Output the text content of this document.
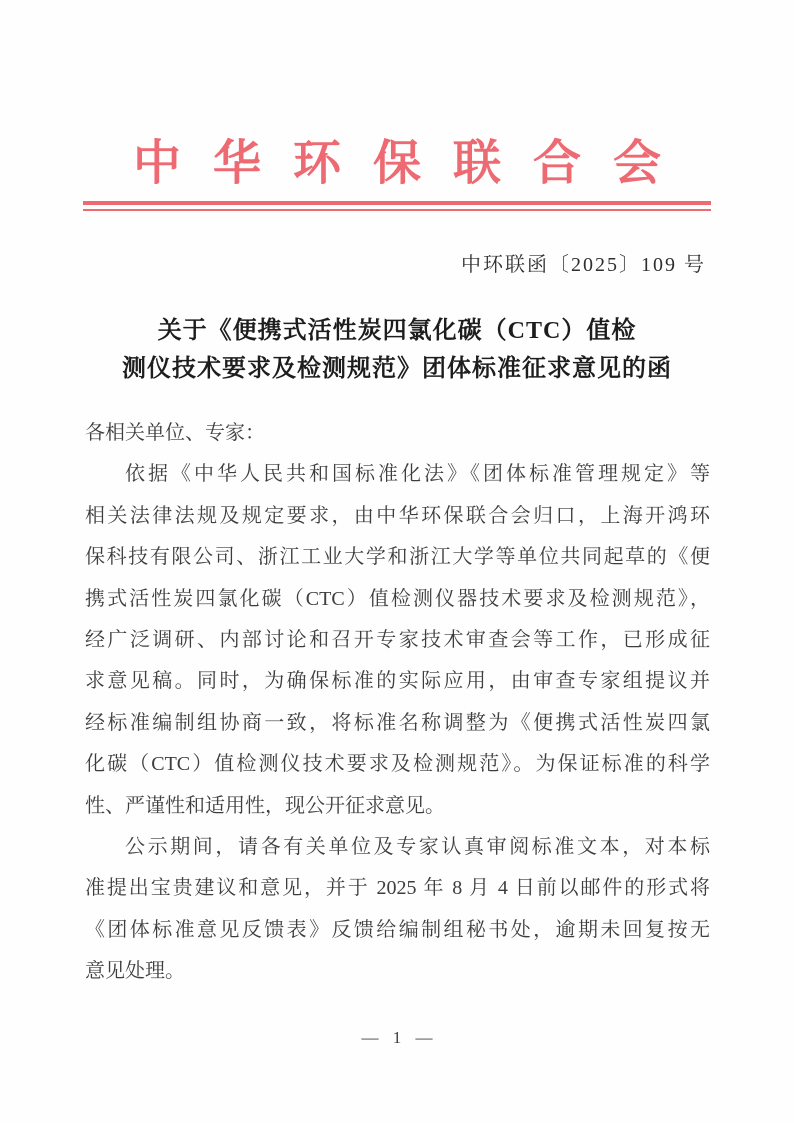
中华环保联合会
中环联函〔2025〕109 号
关于《便携式活性炭四氯化碳（CTC）值检
测仪技术要求及检测规范》团体标准征求意见的函
各相关单位、专家：
依据《中华人民共和国标准化法》《团体标准管理规定》等
相关法律法规及规定要求，由中华环保联合会归口，上海开鸿环
保科技有限公司、浙江工业大学和浙江大学等单位共同起草的《便
携式活性炭四氯化碳（CTC）值检测仪器技术要求及检测规范》，
经广泛调研、内部讨论和召开专家技术审查会等工作，已形成征
求意见稿。同时，为确保标准的实际应用，由审查专家组提议并
经标准编制组协商一致，将标准名称调整为《便携式活性炭四氯
化碳（CTC）值检测仪技术要求及检测规范》。为保证标准的科学
性、严谨性和适用性，现公开征求意见。
公示期间，请各有关单位及专家认真审阅标准文本，对本标
准提出宝贵建议和意见，并于 2025 年 8 月 4 日前以邮件的形式将
《团体标准意见反馈表》反馈给编制组秘书处，逾期未回复按无
意见处理。
— 1 —
